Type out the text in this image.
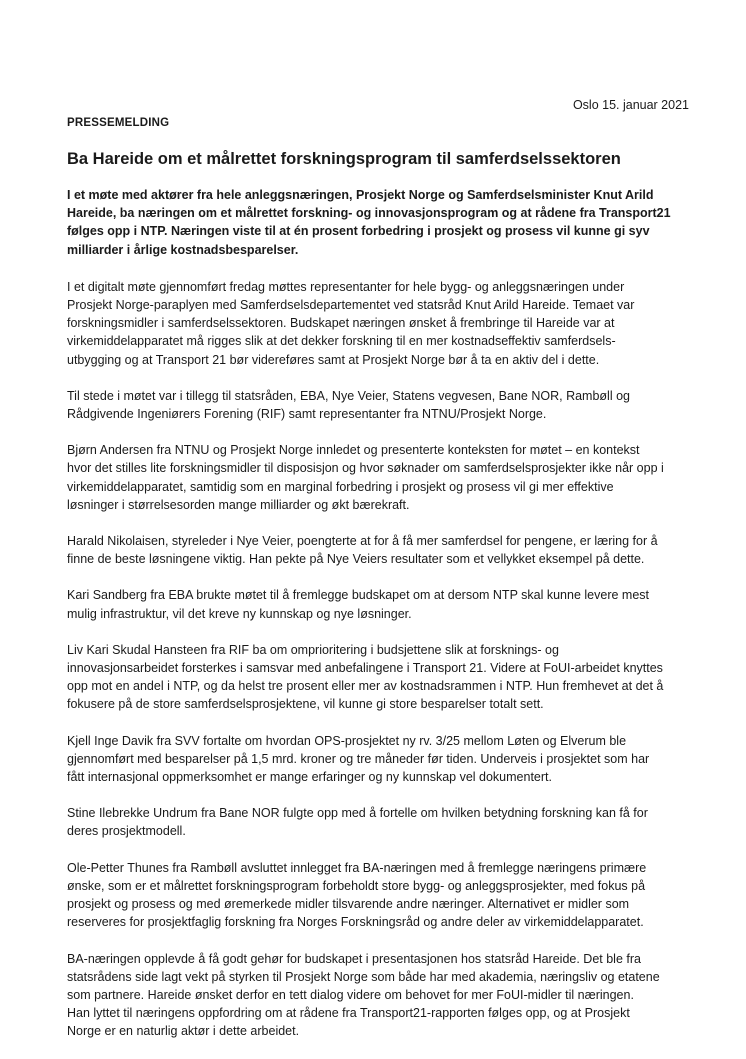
Oslo 15. januar 2021
PRESSEMELDING
Ba Hareide om et målrettet forskningsprogram til samferdselssektoren

I et møte med aktører fra hele anleggsnæringen, Prosjekt Norge og Samferdselsminister Knut Arild
Hareide, ba næringen om et målrettet forskning- og innovasjonsprogram og at rådene fra Transport21
følges opp i NTP. Næringen viste til at én prosent forbedring i prosjekt og prosess vil kunne gi syv
milliarder i årlige kostnadsbesparelser.

I et digitalt møte gjennomført fredag møttes representanter for hele bygg- og anleggsnæringen under
Prosjekt Norge-paraplyen med Samferdselsdepartementet ved statsråd Knut Arild Hareide. Temaet var
forskningsmidler i samferdselssektoren. Budskapet næringen ønsket å frembringe til Hareide var at
virkemiddelapparatet må rigges slik at det dekker forskning til en mer kostnadseffektiv samferdsels-
utbygging og at Transport 21 bør videreføres samt at Prosjekt Norge bør å ta en aktiv del i dette.

Til stede i møtet var i tillegg til statsråden, EBA, Nye Veier, Statens vegvesen, Bane NOR, Rambøll og
Rådgivende Ingeniørers Forening (RIF) samt representanter fra NTNU/Prosjekt Norge.

Bjørn Andersen fra NTNU og Prosjekt Norge innledet og presenterte konteksten for møtet – en kontekst
hvor det stilles lite forskningsmidler til disposisjon og hvor søknader om samferdselsprosjekter ikke når opp i
virkemiddelapparatet, samtidig som en marginal forbedring i prosjekt og prosess vil gi mer effektive
løsninger i størrelsesorden mange milliarder og økt bærekraft.

Harald Nikolaisen, styreleder i Nye Veier, poengterte at for å få mer samferdsel for pengene, er læring for å
finne de beste løsningene viktig. Han pekte på Nye Veiers resultater som et vellykket eksempel på dette.

Kari Sandberg fra EBA brukte møtet til å fremlegge budskapet om at dersom NTP skal kunne levere mest
mulig infrastruktur, vil det kreve ny kunnskap og nye løsninger.

Liv Kari Skudal Hansteen fra RIF ba om omprioritering i budsjettene slik at forsknings- og
innovasjonsarbeidet forsterkes i samsvar med anbefalingene i Transport 21. Videre at FoUI-arbeidet knyttes
opp mot en andel i NTP, og da helst tre prosent eller mer av kostnadsrammen i NTP. Hun fremhevet at det å
fokusere på de store samferdselsprosjektene, vil kunne gi store besparelser totalt sett.

Kjell Inge Davik fra SVV fortalte om hvordan OPS-prosjektet ny rv. 3/25 mellom Løten og Elverum ble
gjennomført med besparelser på 1,5 mrd. kroner og tre måneder før tiden. Underveis i prosjektet som har
fått internasjonal oppmerksomhet er mange erfaringer og ny kunnskap vel dokumentert.

Stine Ilebrekke Undrum fra Bane NOR fulgte opp med å fortelle om hvilken betydning forskning kan få for
deres prosjektmodell.

Ole-Petter Thunes fra Rambøll avsluttet innlegget fra BA-næringen med å fremlegge næringens primære
ønske, som er et målrettet forskningsprogram forbeholdt store bygg- og anleggsprosjekter, med fokus på
prosjekt og prosess og med øremerkede midler tilsvarende andre næringer. Alternativet er midler som
reserveres for prosjektfaglig forskning fra Norges Forskningsråd og andre deler av virkemiddelapparatet.

BA-næringen opplevde å få godt gehør for budskapet i presentasjonen hos statsråd Hareide. Det ble fra
statsrådens side lagt vekt på styrken til Prosjekt Norge som både har med akademia, næringsliv og etatene
som partnere. Hareide ønsket derfor en tett dialog videre om behovet for mer FoUI-midler til næringen.
Han lyttet til næringens oppfordring om at rådene fra Transport21-rapporten følges opp, og at Prosjekt
Norge er en naturlig aktør i dette arbeidet.
